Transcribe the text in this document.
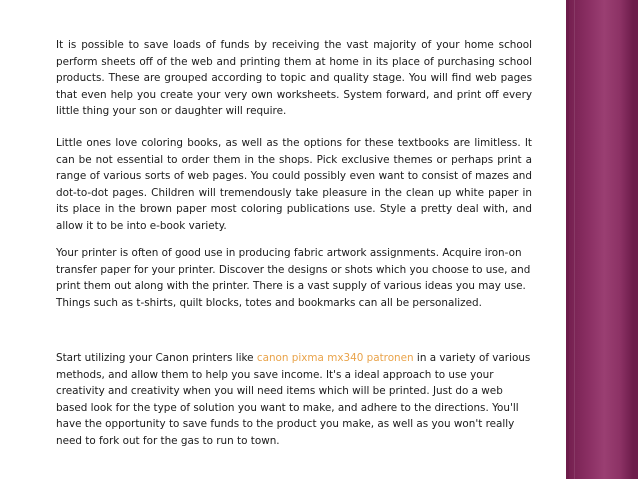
It is possible to save loads of funds by receiving the vast majority of your home school perform sheets off of the web and printing them at home in its place of purchasing school products. These are grouped according to topic and quality stage. You will find web pages that even help you create your very own worksheets. System forward, and print off every little thing your son or daughter will require.

Little ones love coloring books, as well as the options for these textbooks are limitless. It can be not essential to order them in the shops. Pick exclusive themes or perhaps print a range of various sorts of web pages. You could possibly even want to consist of mazes and dot-to-dot pages. Children will tremendously take pleasure in the clean up white paper in its place in the brown paper most coloring publications use. Style a pretty deal with, and allow it to be into e-book variety.

Your printer is often of good use in producing fabric artwork assignments. Acquire iron-on transfer paper for your printer. Discover the designs or shots which you choose to use, and print them out along with the printer. There is a vast supply of various ideas you may use. Things such as t-shirts, quilt blocks, totes and bookmarks can all be personalized.

Start utilizing your Canon printers like canon pixma mx340 patronen in a variety of various methods, and allow them to help you save income. It's a ideal approach to use your creativity and creativity when you will need items which will be printed. Just do a web based look for the type of solution you want to make, and adhere to the directions. You'll have the opportunity to save funds to the product you make, as well as you won't really need to fork out for the gas to run to town.
